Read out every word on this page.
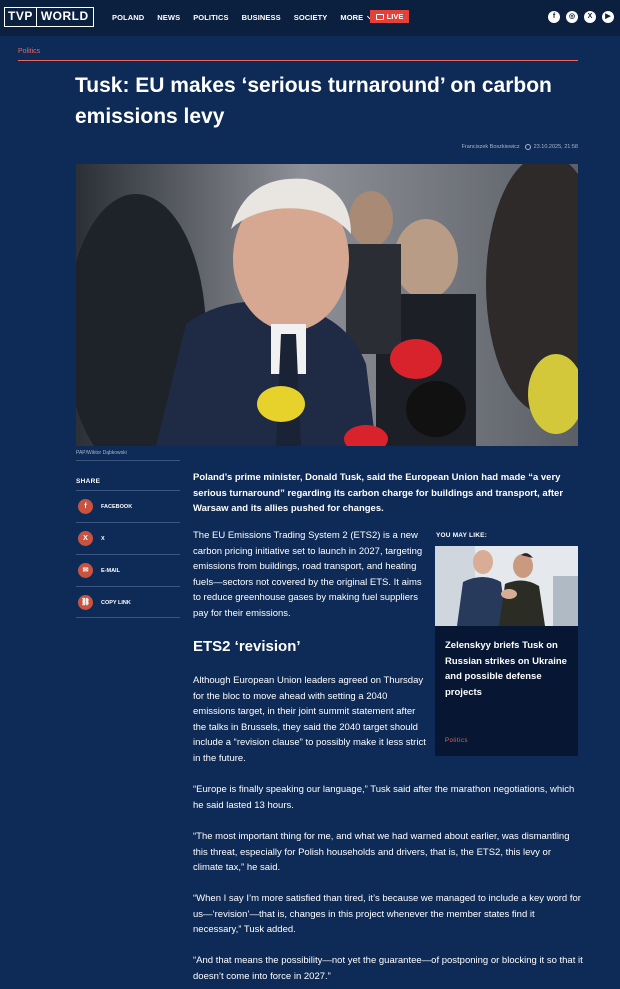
TVP WORLD	POLAND NEWS POLITICS BUSINESS SOCIETY MORE	LIVE	f	◎	X	▶
Politics
Tusk: EU makes ‘serious turnaround’ on carbon emissions levy
Franciszek Boszkiewicz	23.10.2025, 21:58
PAP/Wiktor Dąbkowski
SHARE
f	FACEBOOK
X	X
✉	E-MAIL
⛓	COPY LINK

Poland’s prime minister, Donald Tusk, said the European Union had made “a very serious turnaround” regarding its carbon charge for buildings and transport, after Warsaw and its allies pushed for changes.

The EU Emissions Trading System 2 (ETS2) is a new carbon pricing initiative set to launch in 2027, targeting emissions from buildings, road transport, and heating fuels—sectors not covered by the original ETS. It aims to reduce greenhouse gases by making fuel suppliers pay for their emissions.

ETS2 ‘revision’

Although European Union leaders agreed on Thursday for the bloc to move ahead with setting a 2040 emissions target, in their joint summit statement after the talks in Brussels, they said the 2040 target should include a “revision clause” to possibly make it less strict in the future.

“Europe is finally speaking our language,” Tusk said after the marathon negotiations, which he said lasted 13 hours.

“The most important thing for me, and what we had warned about earlier, was dismantling this threat, especially for Polish households and drivers, that is, the ETS2, this levy or climate tax,” he said.

“When I say I’m more satisfied than tired, it’s because we managed to include a key word for us—‘revision’—that is, changes in this project whenever the member states find it necessary,” Tusk added.

“And that means the possibility—not yet the guarantee—of postponing or blocking it so that it doesn’t come into force in 2027.”

YOU MAY LIKE:
Zelenskyy briefs Tusk on Russian strikes on Ukraine and possible defense projects
Politics
